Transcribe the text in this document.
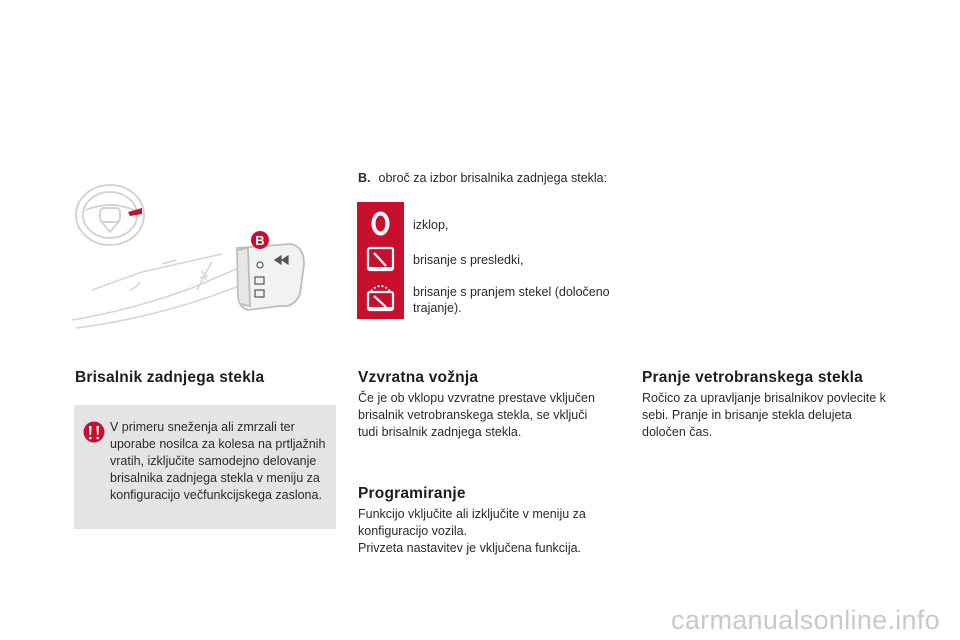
B
B. obroč za izbor brisalnika zadnjega stekla:
izklop,
brisanje s presledki,
brisanje s pranjem stekel (določeno trajanje).
Brisalnik zadnjega stekla
V primeru sneženja ali zmrzali ter uporabe nosilca za kolesa na prtljažnih vratih, izključite samodejno delovanje brisalnika zadnjega stekla v meniju za konfiguracijo večfunkcijskega zaslona.
Vzvratna vožnja
Če je ob vklopu vzvratne prestave vključen brisalnik vetrobranskega stekla, se vključi tudi brisalnik zadnjega stekla.
Programiranje
Funkcijo vključite ali izključite v meniju za konfiguracijo vozila.
Privzeta nastavitev je vključena funkcija.
Pranje vetrobranskega stekla
Ročico za upravljanje brisalnikov povlecite k sebi. Pranje in brisanje stekla delujeta določen čas.
carmanualsonline.info
